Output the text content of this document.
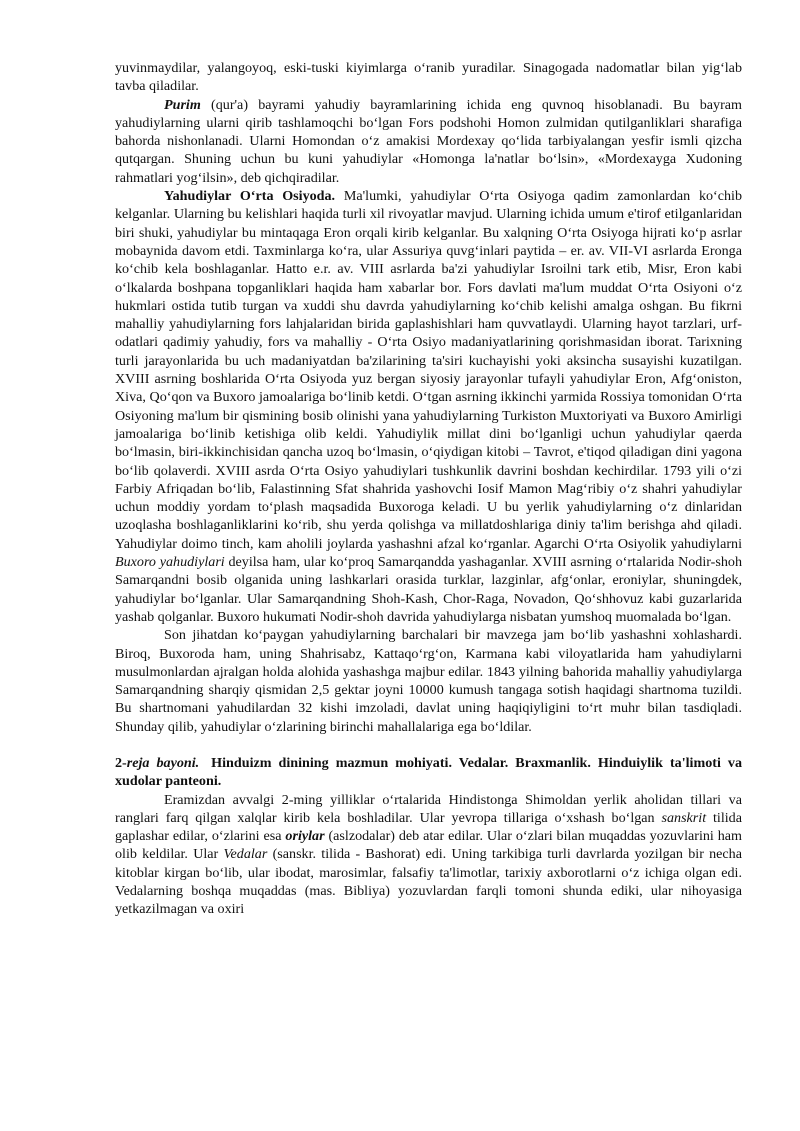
yuvinmaydilar, yalangoyoq, eski-tuski kiyimlarga o‘ranib yuradilar. Sinagogada nadomatlar bilan yig‘lab tavba qiladilar.

Purim (qur'a) bayrami yahudiy bayramlarining ichida eng quvnoq hisoblanadi. Bu bayram yahudiylarning ularni qirib tashlamoqchi bo‘lgan Fors podshohi Homon zulmidan qutilganliklari sharafiga bahorda nishonlanadi. Ularni Homondan o‘z amakisi Mordexay qo‘lida tarbiyalangan yesfir ismli qizcha qutqargan. Shuning uchun bu kuni yahudiylar «Homonga la'natlar bo‘lsin», «Mordexayga Xudoning rahmatlari yog‘ilsin», deb qichqiradilar.

Yahudiylar O‘rta Osiyoda. Ma'lumki, yahudiylar O‘rta Osiyoga qadim zamonlardan ko‘chib kelganlar. Ularning bu kelishlari haqida turli xil rivoyatlar mavjud. Ularning ichida umum e'tirof etilganlaridan biri shuki, yahudiylar bu mintaqaga Eron orqali kirib kelganlar. Bu xalqning O‘rta Osiyoga hijrati ko‘p asrlar mobaynida davom etdi. Taxminlarga ko‘ra, ular Assuriya quvg‘inlari paytida – er. av. VII-VI asrlarda Eronga ko‘chib kela boshlaganlar. Hatto e.r. av. VIII asrlarda ba'zi yahudiylar Isroilni tark etib, Misr, Eron kabi o‘lkalarda boshpana topganliklari haqida ham xabarlar bor. Fors davlati ma'lum muddat O‘rta Osiyoni o‘z hukmlari ostida tutib turgan va xuddi shu davrda yahudiylarning ko‘chib kelishi amalga oshgan. Bu fikrni mahalliy yahudiylarning fors lahjalaridan birida gaplashishlari ham quvvatlaydi. Ularning hayot tarzlari, urf-odatlari qadimiy yahudiy, fors va mahalliy - O‘rta Osiyo madaniyatlarining qorishmasidan iborat. Tarixning turli jarayonlarida bu uch madaniyatdan ba'zilarining ta'siri kuchayishi yoki aksincha susayishi kuzatilgan. XVIII asrning boshlarida O‘rta Osiyoda yuz bergan siyosiy jarayonlar tufayli yahudiylar Eron, Afg‘oniston, Xiva, Qo‘qon va Buxoro jamoalariga bo‘linib ketdi. O‘tgan asrning ikkinchi yarmida Rossiya tomonidan O‘rta Osiyoning ma'lum bir qismining bosib olinishi yana yahudiylarning Turkiston Muxtoriyati va Buxoro Amirligi jamoalariga bo‘linib ketishiga olib keldi. Yahudiylik millat dini bo‘lganligi uchun yahudiylar qaerda bo‘lmasin, biri-ikkinchisidan qancha uzoq bo‘lmasin, o‘qiydigan kitobi – Tavrot, e'tiqod qiladigan dini yagona bo‘lib qolaverdi. XVIII asrda O‘rta Osiyo yahudiylari tushkunlik davrini boshdan kechirdilar. 1793 yili o‘zi Farbiy Afriqadan bo‘lib, Falastinning Sfat shahrida yashovchi Iosif Mamon Mag‘ribiy o‘z shahri yahudiylar uchun moddiy yordam to‘plash maqsadida Buxoroga keladi. U bu yerlik yahudiylarning o‘z dinlaridan uzoqlasha boshlaganliklarini ko‘rib, shu yerda qolishga va millatdoshlariga diniy ta'lim berishga ahd qiladi. Yahudiylar doimo tinch, kam aholili joylarda yashashni afzal ko‘rganlar. Agarchi O‘rta Osiyolik yahudiylarni Buxoro yahudiylari deyilsa ham, ular ko‘proq Samarqandda yashaganlar. XVIII asrning o‘rtalarida Nodir-shoh Samarqandni bosib olganida uning lashkarlari orasida turklar, lazginlar, afg‘onlar, eroniylar, shuningdek, yahudiylar bo‘lganlar. Ular Samarqandning Shoh-Kash, Chor-Raga, Novadon, Qo‘shhovuz kabi guzarlarida yashab qolganlar. Buxoro hukumati Nodir-shoh davrida yahudiylarga nisbatan yumshoq muomalada bo‘lgan.

Son jihatdan ko‘paygan yahudiylarning barchalari bir mavzega jam bo‘lib yashashni xohlashardi. Biroq, Buxoroda ham, uning Shahrisabz, Kattaqo‘rg‘on, Karmana kabi viloyatlarida ham yahudiylarni musulmonlardan ajralgan holda alohida yashashga majbur edilar. 1843 yilning bahorida mahalliy yahudiylarga Samarqandning sharqiy qismidan 2,5 gektar joyni 10000 kumush tangaga sotish haqidagi shartnoma tuzildi. Bu shartnomani yahudilardan 32 kishi imzoladi, davlat uning haqiqiyligini to‘rt muhr bilan tasdiqladi. Shunday qilib, yahudiylar o‘zlarining birinchi mahallalariga ega bo‘ldilar.

2-reja bayoni. Hinduizm dinining mazmun mohiyati. Vedalar. Braxmanlik. Hinduiylik ta'limoti va xudolar panteoni.

Eramizdan avvalgi 2-ming yilliklar o‘rtalarida Hindistonga Shimoldan yerlik aholidan tillari va ranglari farq qilgan xalqlar kirib kela boshladilar. Ular yevropa tillariga o‘xshash bo‘lgan sanskrit tilida gaplashar edilar, o‘zlarini esa oriylar (aslzodalar) deb atar edilar. Ular o‘zlari bilan muqaddas yozuvlarini ham olib keldilar. Ular Vedalar (sanskr. tilida - Bashorat) edi. Uning tarkibiga turli davrlarda yozilgan bir necha kitoblar kirgan bo‘lib, ular ibodat, marosimlar, falsafiy ta'limotlar, tarixiy axborotlarni o‘z ichiga olgan edi. Vedalarning boshqa muqaddas (mas. Bibliya) yozuvlardan farqli tomoni shunda ediki, ular nihoyasiga yetkazilmagan va oxiri
